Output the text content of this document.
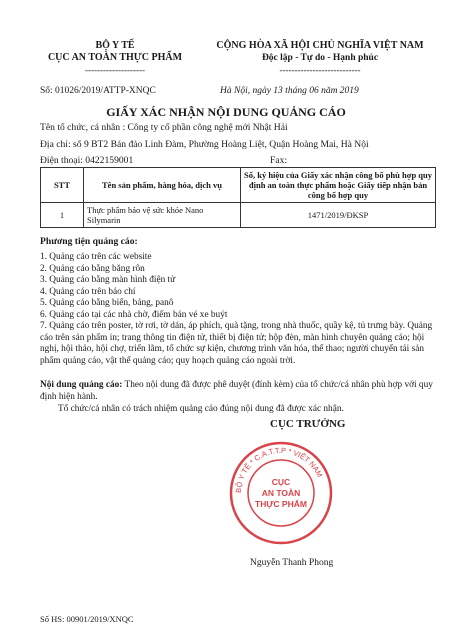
BỘ Y TẾ
CỤC AN TOÀN THỰC PHẨM
--------------------
CỘNG HÒA XÃ HỘI CHỦ NGHĨA VIỆT NAM
Độc lập - Tự do - Hạnh phúc
---------------------------
Số: 01026/2019/ATTP-XNQC	Hà Nội, ngày 13 tháng 06 năm 2019
GIẤY XÁC NHẬN NỘI DUNG QUẢNG CÁO
Tên tổ chức, cá nhân : Công ty cổ phần công nghệ mới Nhật Hải
Địa chỉ: số 9 BT2 Bán đảo Linh Đàm, Phường Hoàng Liệt, Quận Hoàng Mai, Hà Nội
Điện thoại: 0422159001	Fax:
STT	Tên sản phẩm, hàng hóa, dịch vụ	Số, ký hiệu của Giấy xác nhận công bố phù hợp quy định an toàn thực phẩm hoặc Giấy tiếp nhận bản công bố hợp quy
1	Thực phẩm bảo vệ sức khỏe Nano Silymarin	1471/2019/ĐKSP
Phương tiện quảng cáo:
1. Quảng cáo trên các website
2. Quảng cáo bằng băng rôn
3. Quảng cáo bằng màn hình điện tử
4. Quảng cáo trên báo chí
5. Quảng cáo bằng biển, bảng, panô
6. Quảng cáo tại các nhà chờ, điểm bán vé xe buýt
7. Quảng cáo trên poster, tờ rơi, tờ dán, áp phích, quà tặng, trong nhà thuốc, quầy kệ, tủ trưng bày. Quảng cáo trên sản phẩm in; trang thông tin điện tử, thiết bị điện tử; hộp đèn, màn hình chuyên quảng cáo; hội nghị, hội thảo, hội chợ, triển lãm, tổ chức sự kiện, chương trình văn hóa, thể thao; người chuyển tải sản phẩm quảng cáo, vật thể quảng cáo; quy hoạch quảng cáo ngoài trời.
Nội dung quảng cáo: Theo nội dung đã được phê duyệt (đính kèm) của tổ chức/cá nhân phù hợp với quy định hiện hành.
Tổ chức/cá nhân có trách nhiệm quảng cáo đúng nội dung đã được xác nhận.
CỤC TRƯỞNG
BỘ Y TẾ * C.A.T.T.P * VIỆT NAM
CỤC
AN TOÀN
THỰC PHẨM
Nguyễn Thanh Phong
Số HS: 00901/2019/XNQC
